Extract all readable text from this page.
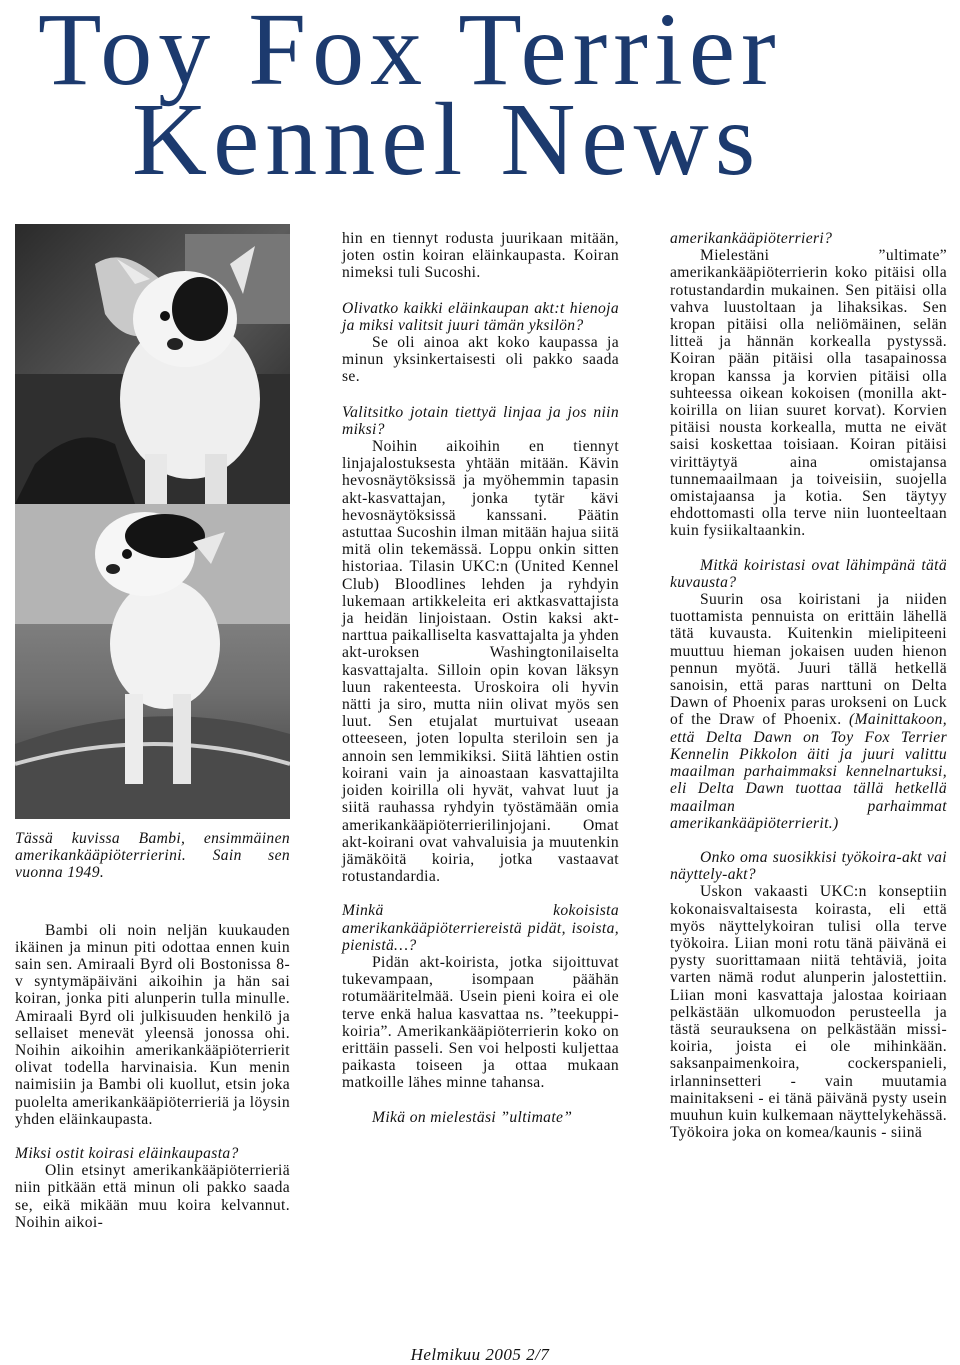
Toy Fox Terrier
Kennel News

Tässä kuvissa Bambi, ensimmäinen amerikankääpiöterrierini. Sain sen vuonna 1949.

Bambi oli noin neljän kuukauden ikäinen ja minun piti odottaa ennen kuin sain sen. Amiraali Byrd oli Bostonissa 8-v syntymäpäiväni aikoihin ja hän sai koiran, jonka piti alunperin tulla minulle. Amiraali Byrd oli julkisuuden henkilö ja sellaiset menevät yleensä jonossa ohi. Noihin aikoihin amerikankääpiöterrierit olivat todella harvinaisia. Kun menin naimisiin ja Bambi oli kuollut, etsin joka puolelta amerikankääpiöterrieriä ja löysin yhden eläinkaupasta.

Miksi ostit koirasi eläinkaupasta?

Olin etsinyt amerikankääpiöterrieriä niin pitkään että minun oli pakko saada se, eikä mikään muu koira kelvannut. Noihin aikoi-

hin en tiennyt rodusta juurikaan mitään, joten ostin koiran eläinkaupasta. Koiran nimeksi tuli Sucoshi.

Olivatko kaikki eläinkaupan akt:t hienoja ja miksi valitsit juuri tämän yksilön?

Se oli ainoa akt koko kaupassa ja minun yksinkertaisesti oli pakko saada se.

Valitsitko jotain tiettyä linjaa ja jos niin miksi?

Noihin aikoihin en tiennyt linjajalostuksesta yhtään mitään. Kävin hevosnäytöksissä ja myöhemmin tapasin akt-kasvattajan, jonka tytär kävi hevosnäytöksissä kanssani. Päätin astuttaa Sucoshin ilman mitään hajua siitä mitä olin tekemässä. Loppu onkin sitten historiaa. Tilasin UKC:n (United Kennel Club) Bloodlines lehden ja ryhdyin lukemaan artikkeleita eri aktkasvattajista ja heidän linjoistaan. Ostin kaksi akt-narttua paikalliselta kasvattajalta ja yhden akt-uroksen Washingtonilaiselta kasvattajalta. Silloin opin kovan läksyn luun rakenteesta. Uroskoira oli hyvin nätti ja siro, mutta niin olivat myös sen luut. Sen etujalat murtuivat useaan otteeseen, joten lopulta steriloin sen ja annoin sen lemmikiksi. Siitä lähtien ostin koirani vain ja ainoastaan kasvattajilta joiden koirilla oli hyvät, vahvat luut ja siitä rauhassa ryhdyin työstämään omia amerikankääpiöterrierilinjojani. Omat akt-koirani ovat vahvaluisia ja muutenkin jämäköitä koiria, jotka vastaavat rotustandardia.

Minkä kokoisista amerikankääpiöterriereistä pidät, isoista, pienistä…?

Pidän akt-koirista, jotka sijoittuvat tukevampaan, isompaan päähän rotumääritelmää. Usein pieni koira ei ole terve enkä halua kasvattaa ns. ”teekuppi-koiria”. Amerikankääpiöterrierin koko on erittäin passeli. Sen voi helposti kuljettaa paikasta toiseen ja ottaa mukaan matkoille lähes minne tahansa.

Mikä on mielestäsi ”ultimate”

amerikankääpiöterrieri?

Mielestäni ”ultimate” amerikankääpiöterrierin koko pitäisi olla rotustandardin mukainen. Sen pitäisi olla vahva luustoltaan ja lihaksikas. Sen kropan pitäisi olla neliömäinen, selän litteä ja hännän korkealla pystyssä. Koiran pään pitäisi olla tasapainossa kropan kanssa ja korvien pitäisi olla suhteessa oikean kokoisen (monilla akt-koirilla on liian suuret korvat). Korvien pitäisi nousta korkealla, mutta ne eivät saisi koskettaa toisiaan. Koiran pitäisi virittäytyä aina omistajansa tunnemaailmaan ja toiveisiin, suojella omistajaansa ja kotia. Sen täytyy ehdottomasti olla terve niin luonteeltaan kuin fysiikaltaankin.

Mitkä koiristasi ovat lähimpänä tätä kuvausta?

Suurin osa koiristani ja niiden tuottamista pennuista on erittäin lähellä tätä kuvausta. Kuitenkin mielipiteeni muuttuu hieman jokaisen uuden hienon pennun myötä. Juuri tällä hetkellä sanoisin, että paras narttuni on Delta Dawn of Phoenix paras urokseni on Luck of the Draw of Phoenix. (Mainittakoon, että Delta Dawn on Toy Fox Terrier Kennelin Pikkolon äiti ja juuri valittu maailman parhaimmaksi kennelnartuksi, eli Delta Dawn tuottaa tällä hetkellä maailman parhaimmat amerikankääpiöterrierit.)

Onko oma suosikkisi työkoira-akt vai näyttely-akt?

Uskon vakaasti UKC:n konseptiin kokonaisvaltaisesta koirasta, eli että myös näyttelykoiran tulisi olla terve työkoira. Liian moni rotu tänä päivänä ei pysty suorittamaan niitä tehtäviä, joita varten nämä rodut alunperin jalostettiin. Liian moni kasvattaja jalostaa koiriaan pelkästään ulkomuodon perusteella ja tästä seurauksena on pelkästään missi-koiria, joista ei ole mihinkään. saksanpaimenkoira, cockerspanieli, irlanninsetteri - vain muutamia mainitakseni - ei tänä päivänä pysty usein muuhun kuin kulkemaan näyttelykehässä. Työkoira joka on komea/kaunis - siinä

Helmikuu 2005 2/7
